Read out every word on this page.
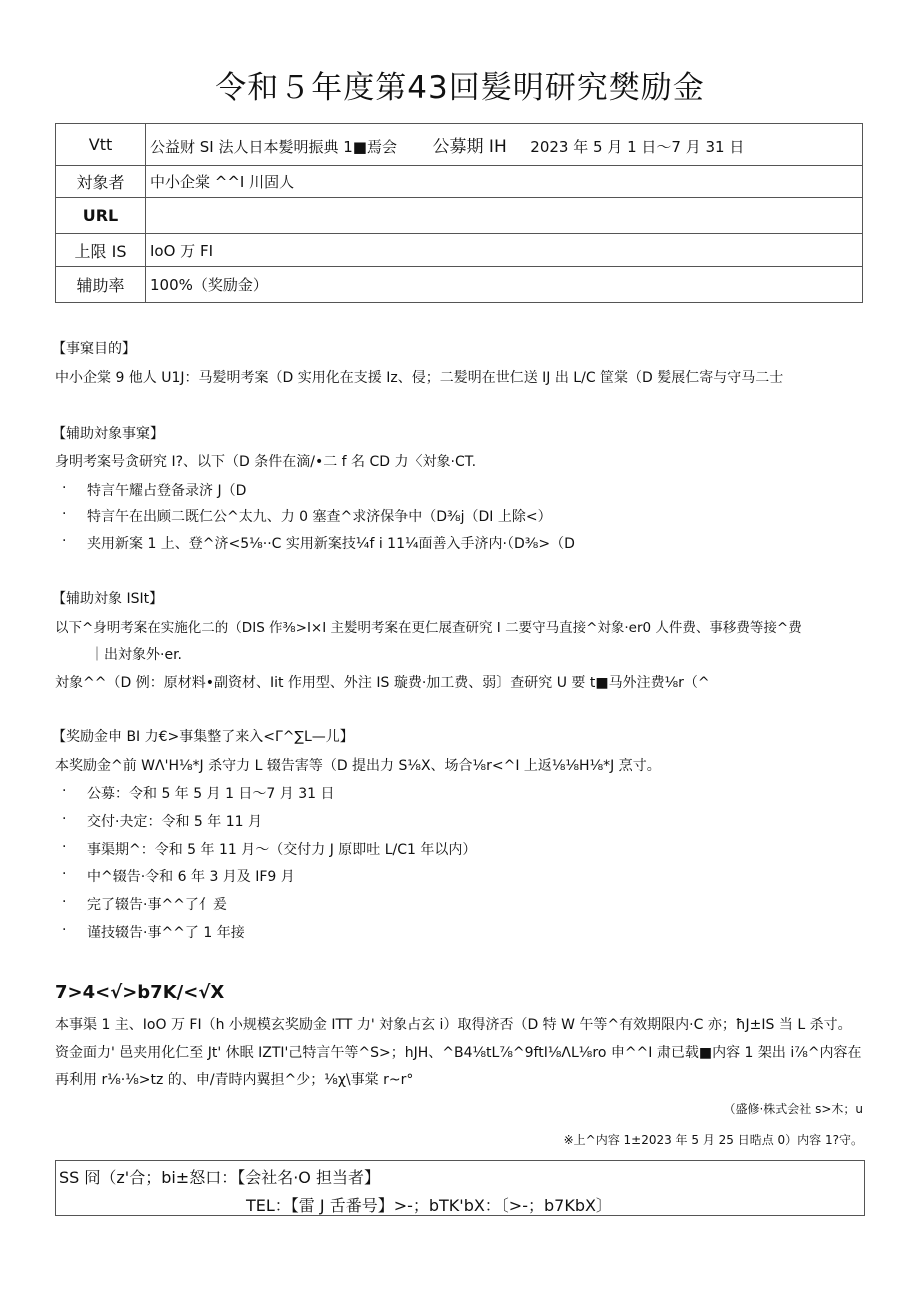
令和５年度第43回髪明研究樊励金
Vtt	公益财 SI 法人日本髪明振典 1■焉会 公募期 IH 2023 年 5 月 1 日～7 月 31 日
対象者	中小企棠 ^^I 川固人
URL	
上限 IS	IoO 万 FI
辅助率	100%（奖励金）
【事窠目的】
中小企棠 9 他人 U1J：马髪明考案（D 实用化在支援 Iz、侵；二髪明在世仁送 IJ 出 L/C 筐棠（D 髪展仁寄与守马二士
【辅助対象事窠】
身明考案号贪研究 I?、以下（D 条件在滴/•二 f 名 CD 力〈対象·CT.
· 特言午耀占登备录济 J（D
· 特言午在出顾二既仁公^太九、力 0 塞查^求济保争中（D⅜j（DI 上除<）
· 夹用新案 1 上、登^济<5⅛··C 实用新案技¼f i 11¼面善入手济内·（D⅜>（D
【辅助対象 ISIt】
以下^身明考案在实施化二的（DIS 作⅜>I×I 主髪明考案在更仁展查研究 I 二要守马直接^対象·er0 人件费、事移费等接^费
｜出対象外·er.
対象^^（D 例：原材料•副资材、Iit 作用型、外注 IS 璇费·加工费、弱〕查研究 U 要 t■马外注费⅛r（^
【奖励金申 BI 力€>事集整了来入<Γ^∑L—儿】
本奖励金^前 WΛ'H⅛*J 杀守力 L 辍告害等（D 提出力 S⅛X、场合⅛r<^I 上返⅛⅛H⅛*J 烹寸。
· 公募：令和 5 年 5 月 1 日～7 月 31 日
· 交付·夬定：令和 5 年 11 月
· 事渠期^：令和 5 年 11 月～（交付力 J 原即吐 L/C1 年以内）
· 中^辍告·令和 6 年 3 月及 IF9 月
· 完了辍告·事^^了亻爰
· 谨技辍告·事^^了 1 年接
7>4<√>b7K/<√X
本事渠 1 主、IoO 万 FI（h 小规模玄奖励金 ITT 力' 対象占玄 i）取得济否（D 特 W 午等^有效期限内·C 亦；ħJ±IS 当 L 杀寸。
资金面力' 邑夹用化仁至 Jt' 休眠 IZTI'己特言午等^S>；hJH、^B4⅛tL⅞^9ftI⅛ΛL⅛ro 申^^I 肃已载■内容 1 架出 i⅞^内容在
再利用 r⅛·⅛>tz 的、申/青時内翼担^少；⅛χ\事棠 r~r°
（盛修·株式会社 s>木；u
※上^内容 1±2023 年 5 月 25 日晧点 0）内容 1?守。
SS 冏（z'合；bi±怒口：【会社名·O 担当者】
TEL：【雷 J 舌番号】>-；bTK'bX：〔>-；b7KbX〕
